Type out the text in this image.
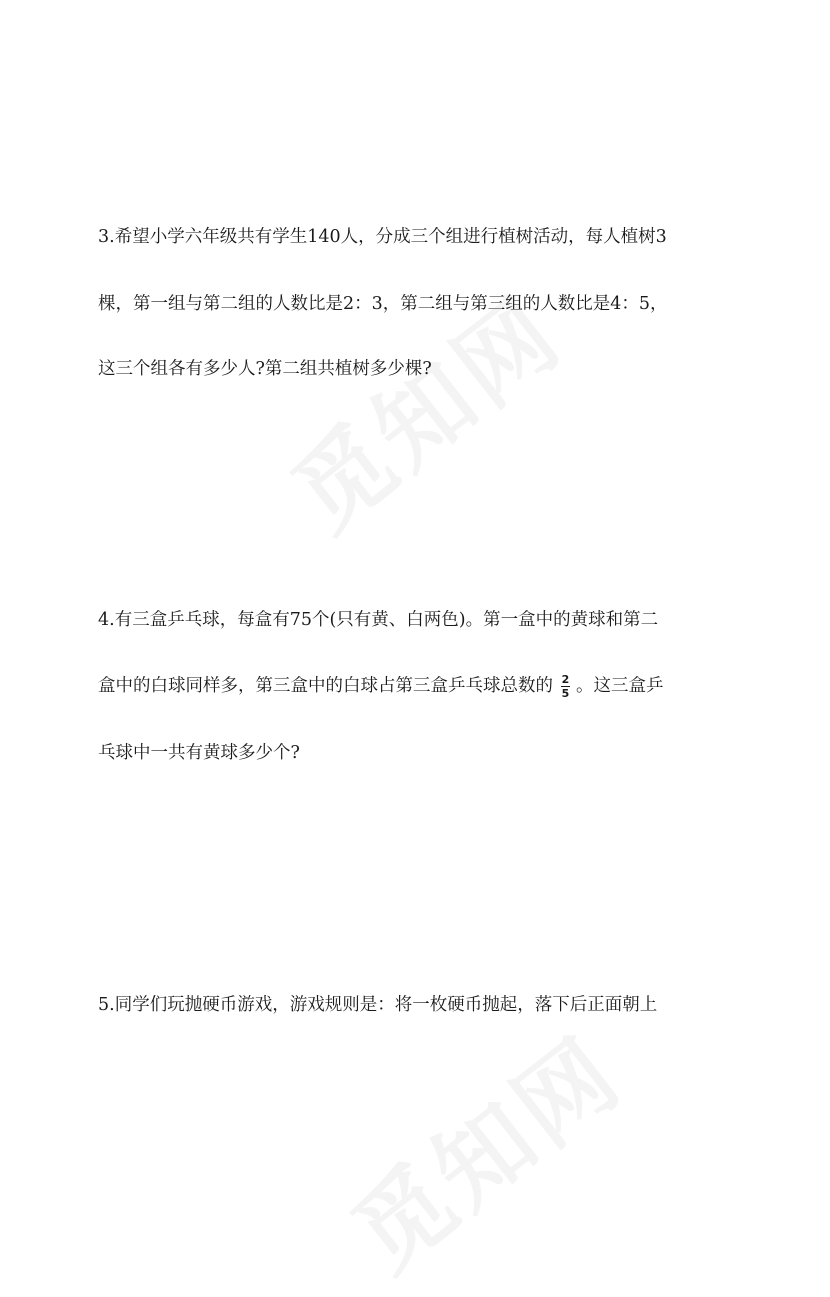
3.希望小学六年级共有学生140人，分成三个组进行植树活动，每人植树3

棵，第一组与第二组的人数比是2：3，第二组与第三组的人数比是4：5，

这三个组各有多少人?第二组共植树多少棵?

4.有三盒乒乓球，每盒有75个(只有黄、白两色)。第一盒中的黄球和第二

盒中的白球同样多，第三盒中的白球占第三盒乒乓球总数的 $\frac{2}{5}$ 。这三盒乒

乓球中一共有黄球多少个?

5.同学们玩抛硬币游戏，游戏规则是：将一枚硬币抛起，落下后正面朝上
